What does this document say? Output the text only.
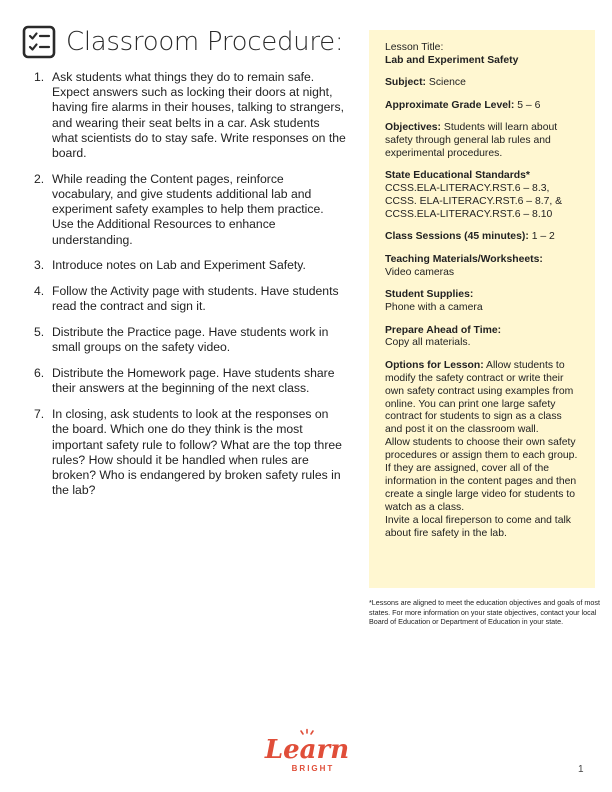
Classroom Procedure:
1. Ask students what things they do to remain safe. Expect answers such as locking their doors at night, having fire alarms in their houses, talking to strangers, and wearing their seat belts in a car. Ask students what scientists do to stay safe. Write responses on the board.
2. While reading the Content pages, reinforce vocabulary, and give students additional lab and experiment safety examples to help them practice. Use the Additional Resources to enhance understanding.
3. Introduce notes on Lab and Experiment Safety.
4. Follow the Activity page with students. Have students read the contract and sign it.
5. Distribute the Practice page. Have students work in small groups on the safety video.
6. Distribute the Homework page. Have students share their answers at the beginning of the next class.
7. In closing, ask students to look at the responses on the board. Which one do they think is the most important safety rule to follow? What are the top three rules? How should it be handled when rules are broken? Who is endangered by broken safety rules in the lab?
Lesson Title:
Lab and Experiment Safety
Subject: Science
Approximate Grade Level: 5 – 6
Objectives: Students will learn about safety through general lab rules and experimental procedures.
State Educational Standards*
CCSS.ELA-LITERACY.RST.6 – 8.3, CCSS. ELA-LITERACY.RST.6 – 8.7, & CCSS.ELA-LITERACY.RST.6 – 8.10
Class Sessions (45 minutes): 1 – 2
Teaching Materials/Worksheets:
Video cameras
Student Supplies:
Phone with a camera
Prepare Ahead of Time:
Copy all materials.
Options for Lesson: Allow students to modify the safety contract or write their own safety contract using examples from online. You can print one large safety contract for students to sign as a class and post it on the classroom wall.
Allow students to choose their own safety procedures or assign them to each group. If they are assigned, cover all of the information in the content pages and then create a single large video for students to watch as a class.
Invite a local fireperson to come and talk about fire safety in the lab.
*Lessons are aligned to meet the education objectives and goals of most states. For more information on your state objectives, contact your local Board of Education or Department of Education in your state.
Learn
BRIGHT	1
